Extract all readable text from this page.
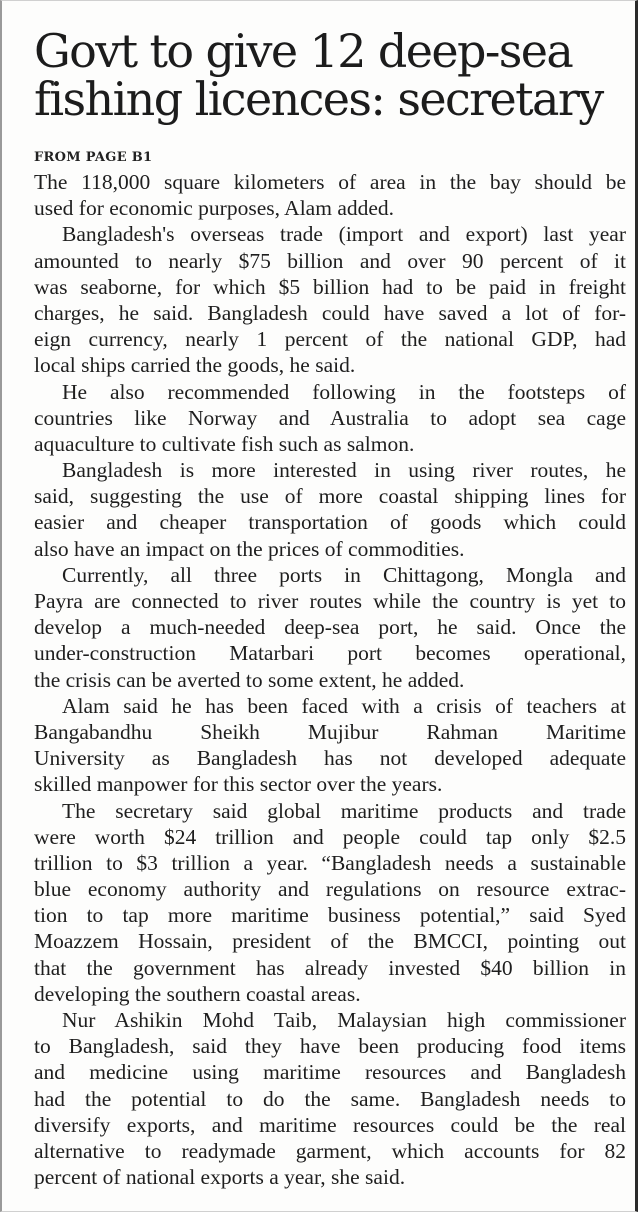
Govt to give 12 deep-sea
fishing licences: secretary
FROM PAGE B1
The 118,000 square kilometers of area in the bay should be
used for economic purposes, Alam added.
Bangladesh's overseas trade (import and export) last year
amounted to nearly $75 billion and over 90 percent of it
was seaborne, for which $5 billion had to be paid in freight
charges, he said. Bangladesh could have saved a lot of for-
eign currency, nearly 1 percent of the national GDP, had
local ships carried the goods, he said.
He also recommended following in the footsteps of
countries like Norway and Australia to adopt sea cage
aquaculture to cultivate fish such as salmon.
Bangladesh is more interested in using river routes, he
said, suggesting the use of more coastal shipping lines for
easier and cheaper transportation of goods which could
also have an impact on the prices of commodities.
Currently, all three ports in Chittagong, Mongla and
Payra are connected to river routes while the country is yet to
develop a much-needed deep-sea port, he said. Once the
under-construction Matarbari port becomes operational,
the crisis can be averted to some extent, he added.
Alam said he has been faced with a crisis of teachers at
Bangabandhu Sheikh Mujibur Rahman Maritime
University as Bangladesh has not developed adequate
skilled manpower for this sector over the years.
The secretary said global maritime products and trade
were worth $24 trillion and people could tap only $2.5
trillion to $3 trillion a year. “Bangladesh needs a sustainable
blue economy authority and regulations on resource extrac-
tion to tap more maritime business potential,” said Syed
Moazzem Hossain, president of the BMCCI, pointing out
that the government has already invested $40 billion in
developing the southern coastal areas.
Nur Ashikin Mohd Taib, Malaysian high commissioner
to Bangladesh, said they have been producing food items
and medicine using maritime resources and Bangladesh
had the potential to do the same. Bangladesh needs to
diversify exports, and maritime resources could be the real
alternative to readymade garment, which accounts for 82
percent of national exports a year, she said.
